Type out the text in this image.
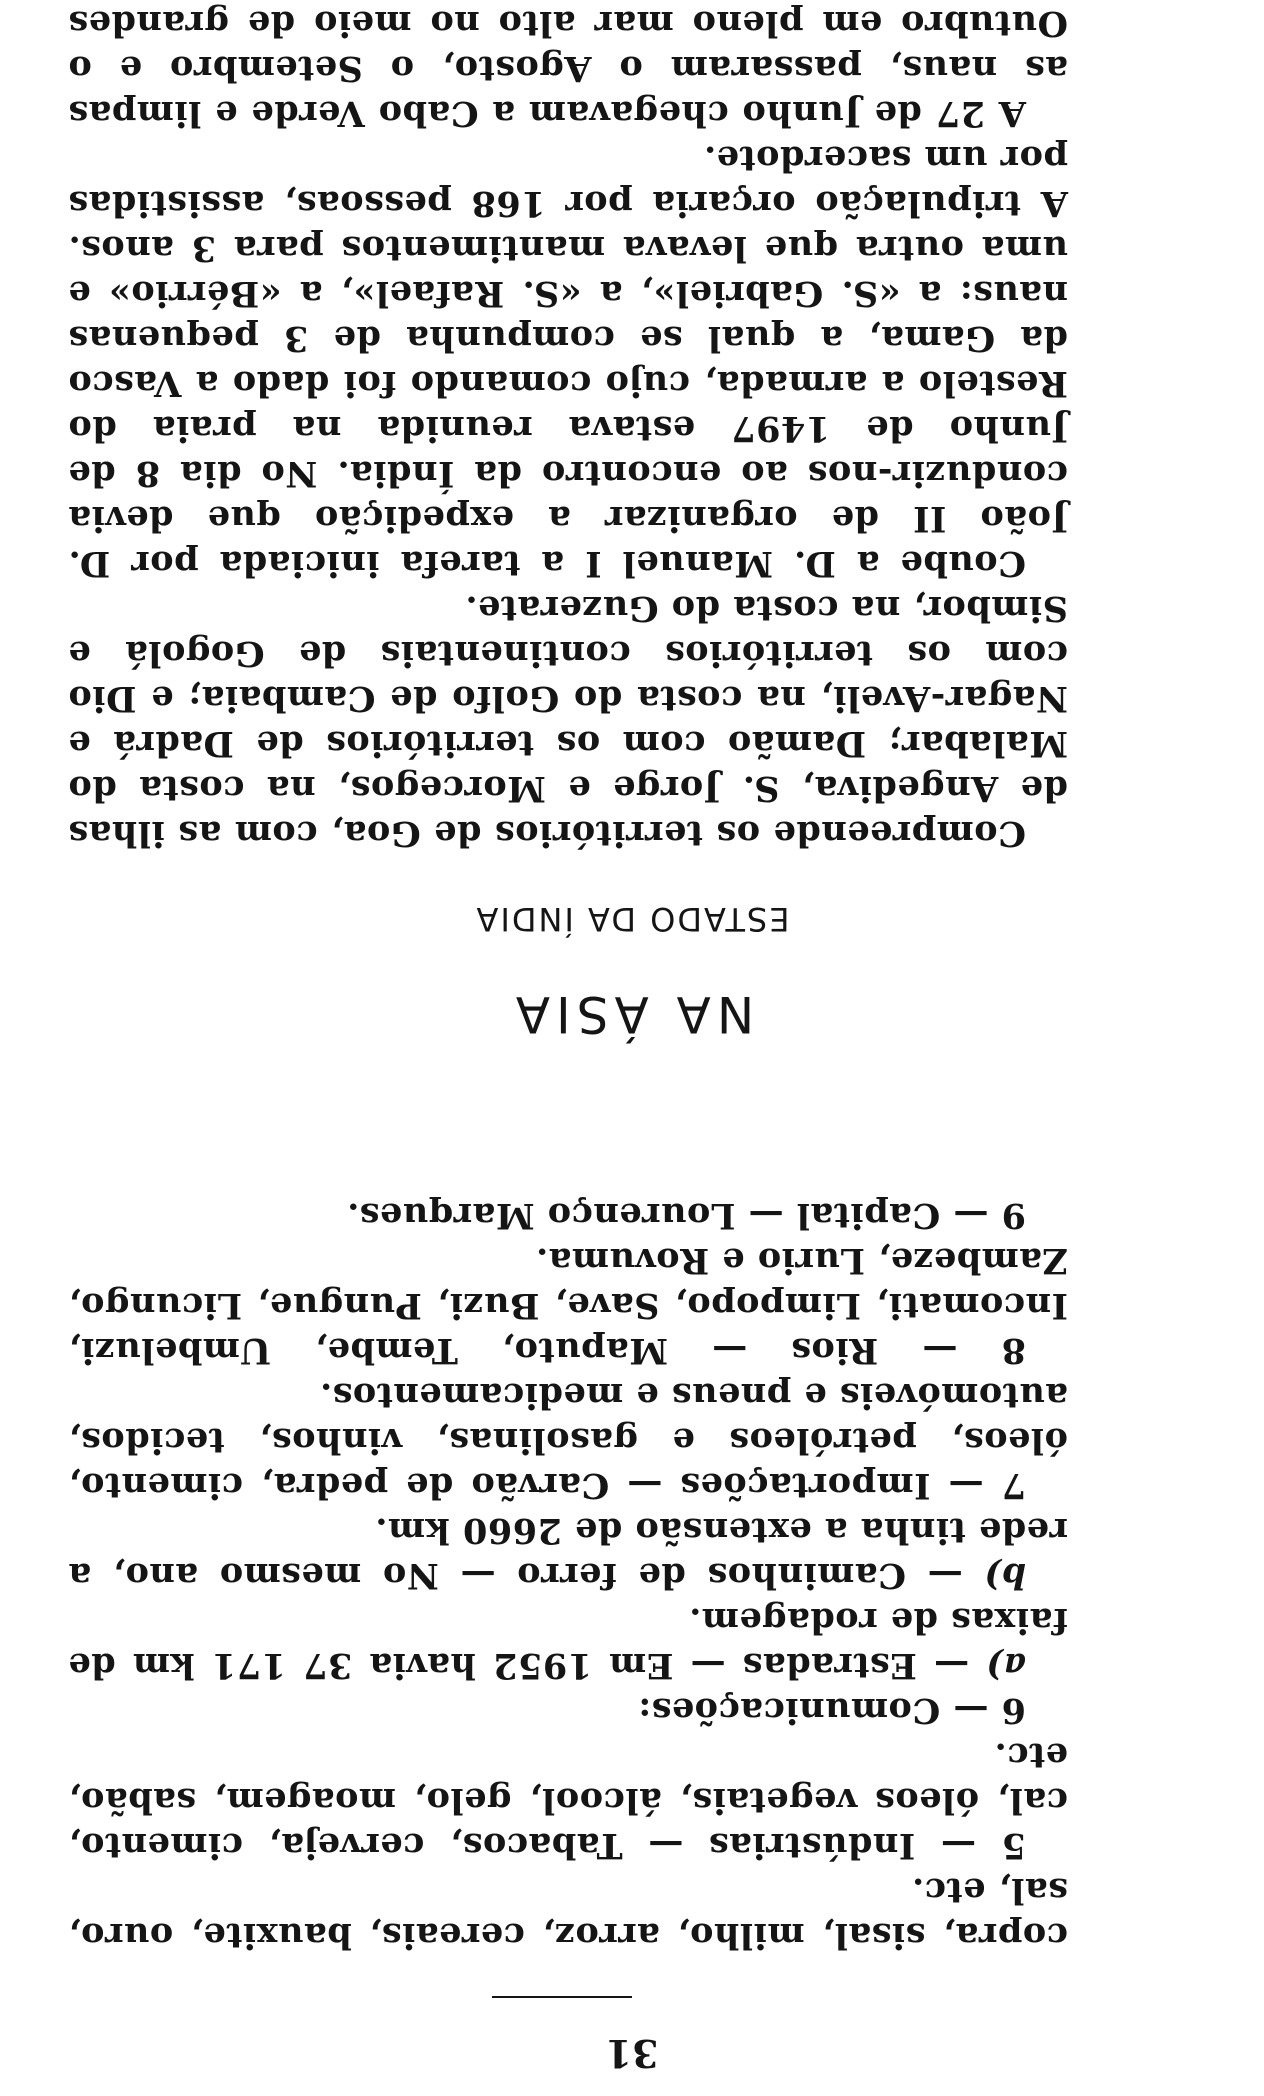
31

copra, sisal, milho, arroz, cereais, bauxite, ouro, sal, etc.

5 — Indústrias — Tabacos, cerveja, cimento, cal, óleos vegetais, álcool, gelo, moagem, sabão, etc.

6 — Comunicações:

a) — Estradas — Em 1952 havia 37 171 km de faixas de rodagem.

b) — Caminhos de ferro — No mesmo ano, a rede tinha a extensão de 2660 km.

7 — Importações — Carvão de pedra, cimento, óleos, petróleos e gasolinas, vinhos, tecidos, automóveis e pneus e medicamentos.

8 — Rios — Maputo, Tembe, Umbeluzi, Incomati, Limpopo, Save, Buzi, Pungue, Licungo, Zambeze, Lurio e Rovuma.

9 — Capital — Lourenço Marques.

NA ÁSIA
ESTADO DA ÍNDIA

Compreende os territórios de Goa, com as ilhas de Angediva, S. Jorge e Morcegos, na costa do Malabar; Damão com os territórios de Dadrá e Nagar-Aveli, na costa do Golfo de Cambaia; e Dio com os territórios continentais de Gogolá e Simbor, na costa do Guzerate.

Coube a D. Manuel I a tarefa iniciada por D. João II de organizar a expedição que devia conduzir-nos ao encontro da Índia. No dia 8 de Junho de 1497 estava reunida na praia do Restelo a armada, cujo comando foi dado a Vasco da Gama, a qual se compunha de 3 pequenas naus: a «S. Gabriel», a «S. Rafael», a «Bérrio» e uma outra que levava mantimentos para 3 anos. A tripulação orçaria por 168 pessoas, assistidas por um sacerdote.

A 27 de Junho chegavam a Cabo Verde e limpas as naus, passaram o Agosto, o Setembro e o Outubro em pleno mar alto no meio de grandes
